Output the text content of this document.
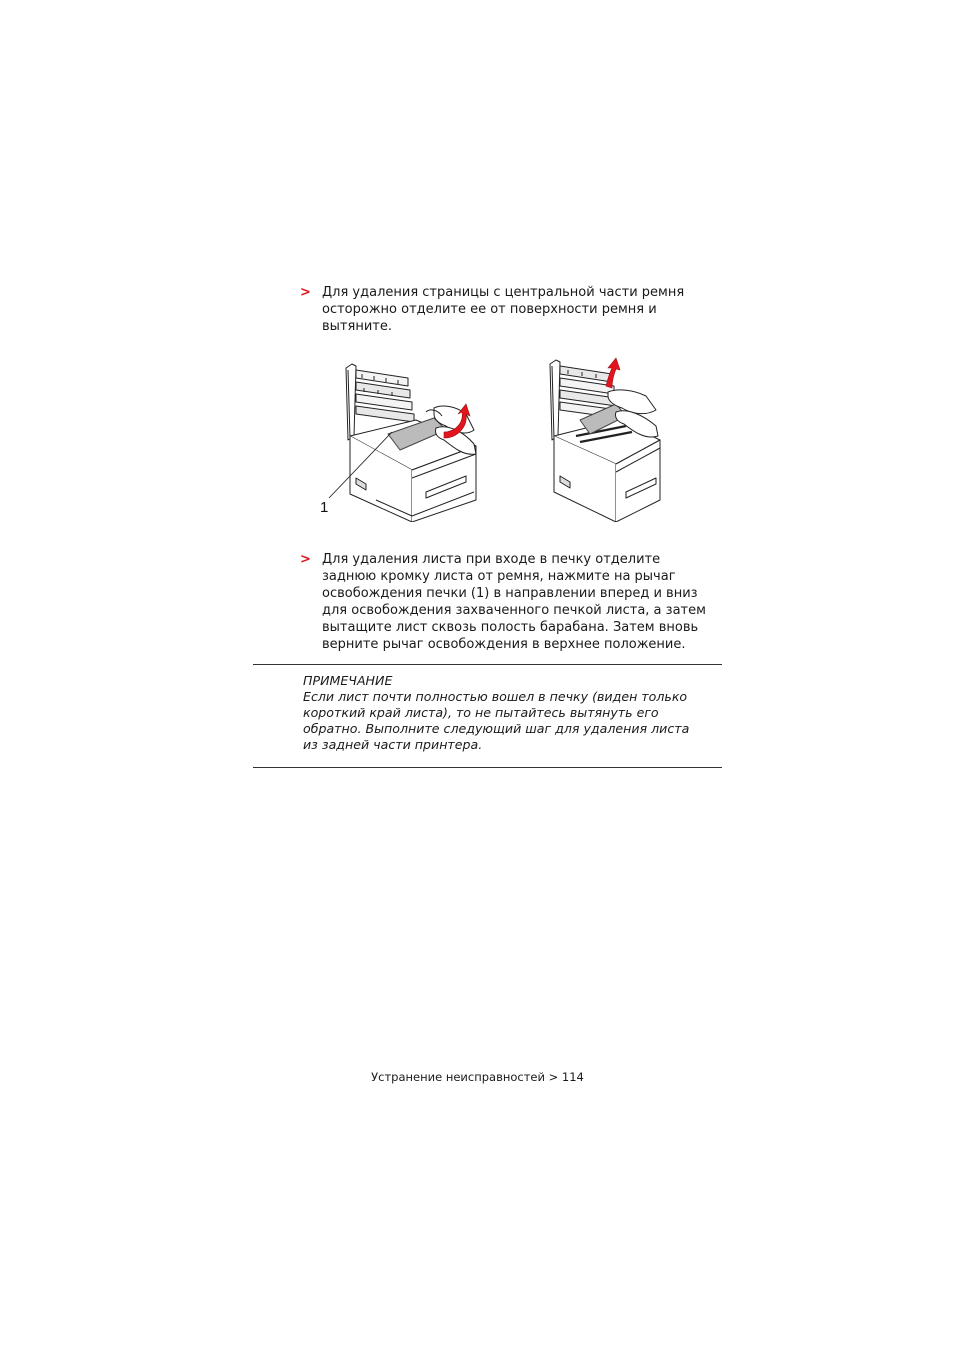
> Для удаления страницы с центральной части ремня
осторожно отделите ее от поверхности ремня и
вытяните.
1
> Для удаления листа при входе в печку отделите
заднюю кромку листа от ремня, нажмите на рычаг
освобождения печки (1) в направлении вперед и вниз
для освобождения захваченного печкой листа, а затем
вытащите лист сквозь полость барабана. Затем вновь
верните рычаг освобождения в верхнее положение.
ПРИМЕЧАНИЕ
Если лист почти полностью вошел в печку (виден только
короткий край листа), то не пытайтесь вытянуть его
обратно. Выполните следующий шаг для удаления листа
из задней части принтера.
Устранение неисправностей > 114
